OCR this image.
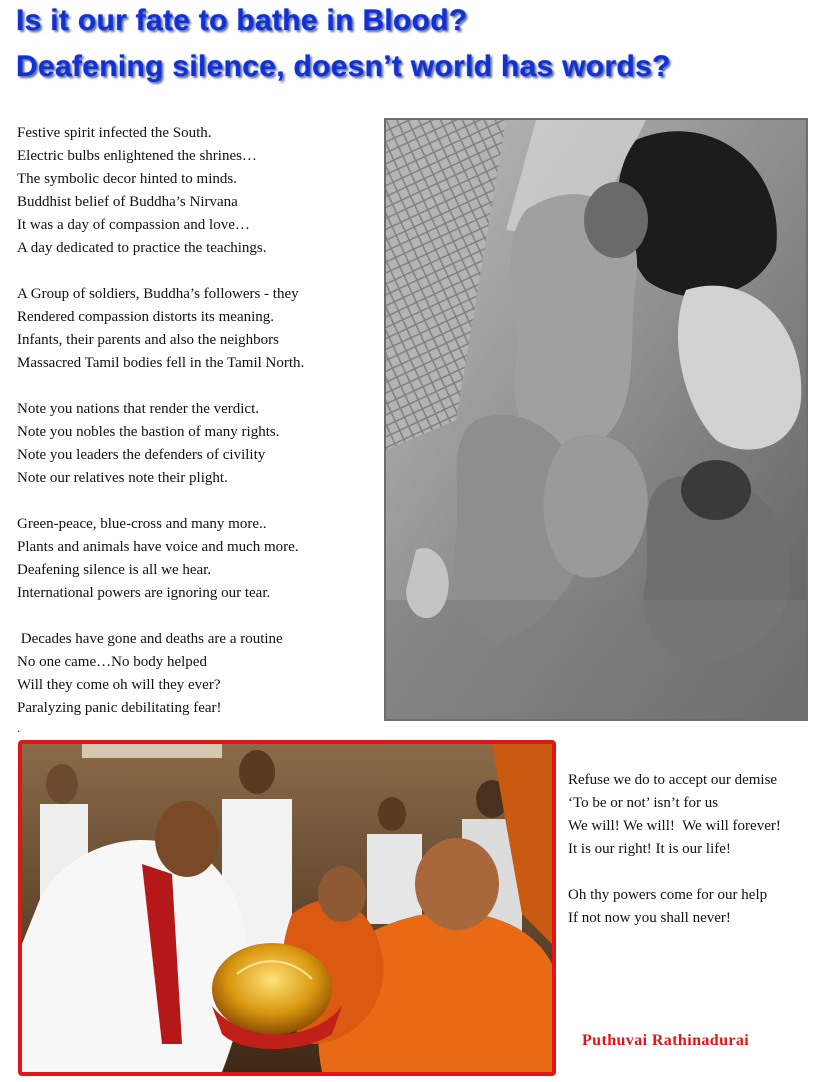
Is it our fate to bathe in Blood?
Deafening silence, doesn’t world has words?
Festive spirit infected the South.
Electric bulbs enlightened the shrines…
The symbolic decor hinted to minds.
Buddhist belief of Buddha’s Nirvana
It was a day of compassion and love…
A day dedicated to practice the teachings.
A Group of soldiers, Buddha’s followers - they
Rendered compassion distorts its meaning.
Infants, their parents and also the neighbors
Massacred Tamil bodies fell in the Tamil North.
Note you nations that render the verdict.
Note you nobles the bastion of many rights.
Note you leaders the defenders of civility
Note our relatives note their plight.
Green-peace, blue-cross and many more..
Plants and animals have voice and much more.
Deafening silence is all we hear.
International powers are ignoring our tear.
Decades have gone and deaths are a routine
No one came…No body helped
Will they come oh will they ever?
Paralyzing panic debilitating fear!
.
Refuse we do to accept our demise
‘To be or not’ isn’t for us
We will! We will!  We will forever!
It is our right! It is our life!
Oh thy powers come for our help
If not now you shall never!

Puthuvai Rathinadurai
